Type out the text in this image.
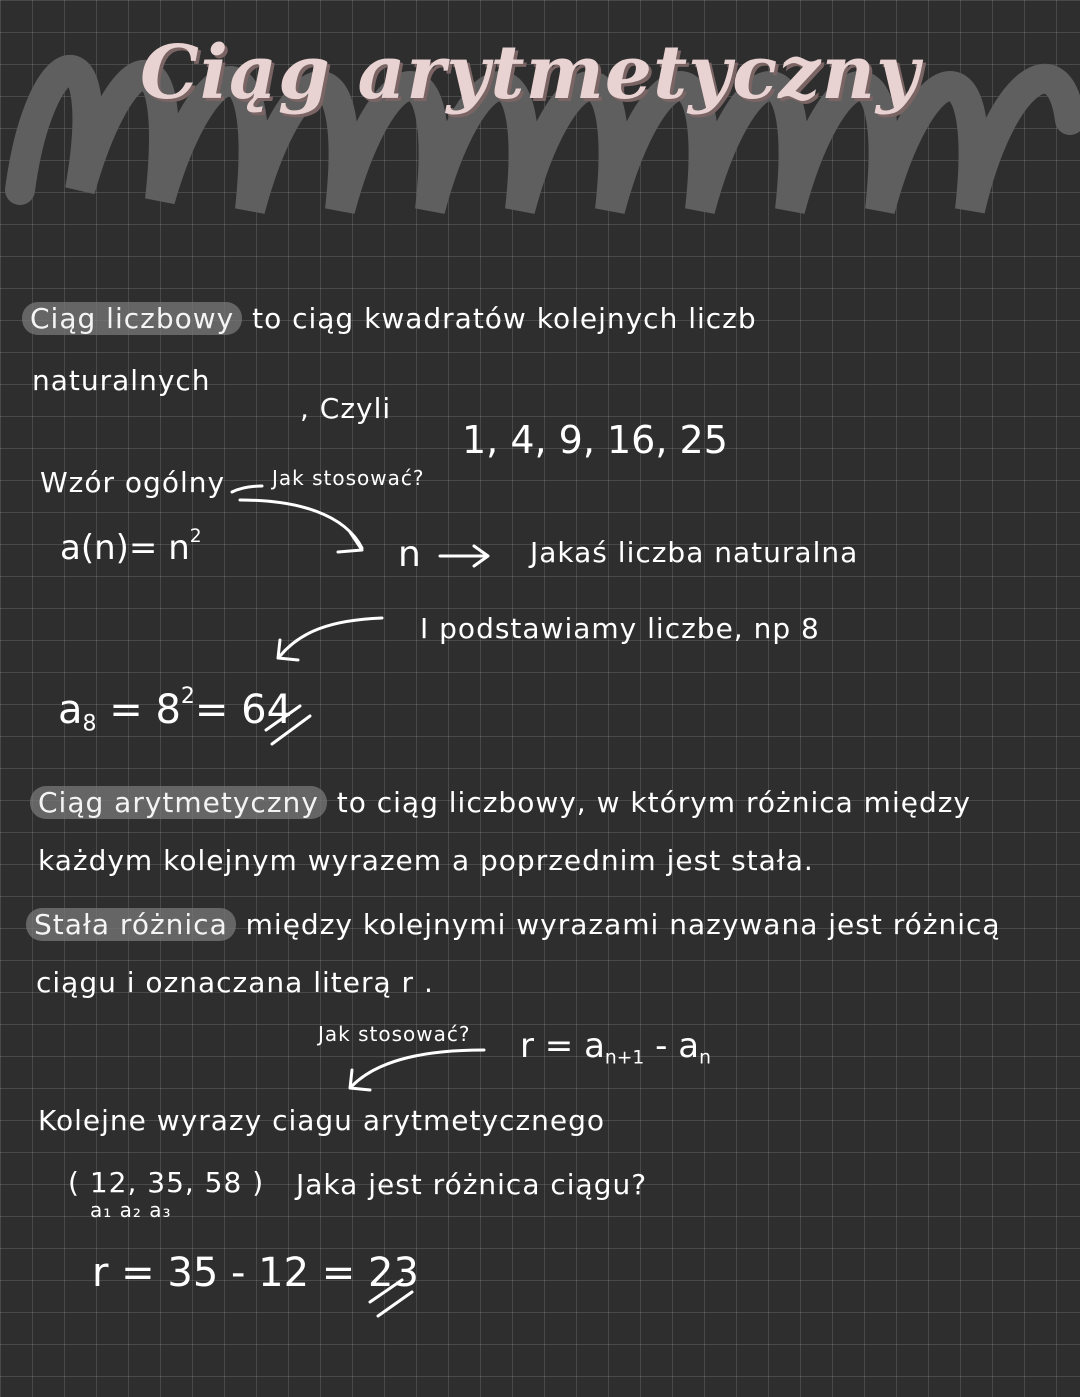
Ciąg arytmetyczny
Ciąg liczbowy to ciąg kwadratów kolejnych liczb
naturalnych
, Czyli
1, 4, 9, 16, 25
Wzór ogólny Jak stosować?
$a(n)= n^2$	n	Jakaś liczba naturalna
I podstawiamy liczbe, np 8
$a_8 = 8^2= 64$
Ciąg arytmetyczny to ciąg liczbowy, w którym różnica między
każdym kolejnym wyrazem a poprzednim jest stała.
Stała różnica między kolejnymi wyrazami nazywana jest różnicą
ciągu i oznaczana literą r .
Jak stosować? $r = a_{n+1} - a_n$
Kolejne wyrazy ciagu arytmetycznego
( 12, 35, 58 )
a₁ a₂ a₃
Jaka jest różnica ciągu?
r = 35 - 12 = 23
